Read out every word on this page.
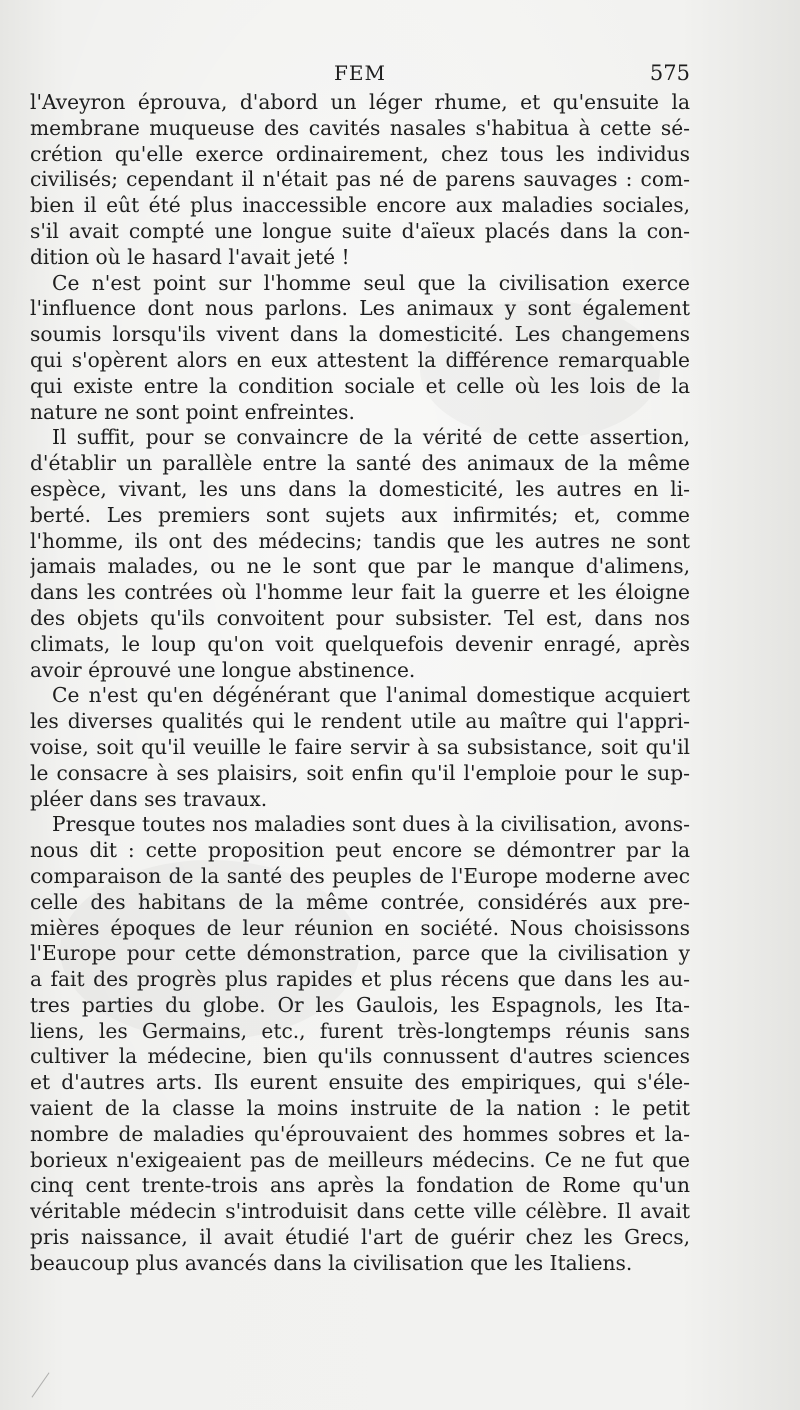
FEM	575
l'Aveyron éprouva, d'abord un léger rhume, et qu'ensuite la
membrane muqueuse des cavités nasales s'habitua à cette sé-
crétion qu'elle exerce ordinairement, chez tous les individus
civilisés; cependant il n'était pas né de parens sauvages : com-
bien il eût été plus inaccessible encore aux maladies sociales,
s'il avait compté une longue suite d'aïeux placés dans la con-
dition où le hasard l'avait jeté !
Ce n'est point sur l'homme seul que la civilisation exerce
l'influence dont nous parlons. Les animaux y sont également
soumis lorsqu'ils vivent dans la domesticité. Les changemens
qui s'opèrent alors en eux attestent la différence remarquable
qui existe entre la condition sociale et celle où les lois de la
nature ne sont point enfreintes.
Il suffit, pour se convaincre de la vérité de cette assertion,
d'établir un parallèle entre la santé des animaux de la même
espèce, vivant, les uns dans la domesticité, les autres en li-
berté. Les premiers sont sujets aux infirmités; et, comme
l'homme, ils ont des médecins; tandis que les autres ne sont
jamais malades, ou ne le sont que par le manque d'alimens,
dans les contrées où l'homme leur fait la guerre et les éloigne
des objets qu'ils convoitent pour subsister. Tel est, dans nos
climats, le loup qu'on voit quelquefois devenir enragé, après
avoir éprouvé une longue abstinence.
Ce n'est qu'en dégénérant que l'animal domestique acquiert
les diverses qualités qui le rendent utile au maître qui l'appri-
voise, soit qu'il veuille le faire servir à sa subsistance, soit qu'il
le consacre à ses plaisirs, soit enfin qu'il l'emploie pour le sup-
pléer dans ses travaux.
Presque toutes nos maladies sont dues à la civilisation, avons-
nous dit : cette proposition peut encore se démontrer par la
comparaison de la santé des peuples de l'Europe moderne avec
celle des habitans de la même contrée, considérés aux pre-
mières époques de leur réunion en société. Nous choisissons
l'Europe pour cette démonstration, parce que la civilisation y
a fait des progrès plus rapides et plus récens que dans les au-
tres parties du globe. Or les Gaulois, les Espagnols, les Ita-
liens, les Germains, etc., furent très-longtemps réunis sans
cultiver la médecine, bien qu'ils connussent d'autres sciences
et d'autres arts. Ils eurent ensuite des empiriques, qui s'éle-
vaient de la classe la moins instruite de la nation : le petit
nombre de maladies qu'éprouvaient des hommes sobres et la-
borieux n'exigeaient pas de meilleurs médecins. Ce ne fut que
cinq cent trente-trois ans après la fondation de Rome qu'un
véritable médecin s'introduisit dans cette ville célèbre. Il avait
pris naissance, il avait étudié l'art de guérir chez les Grecs,
beaucoup plus avancés dans la civilisation que les Italiens.
